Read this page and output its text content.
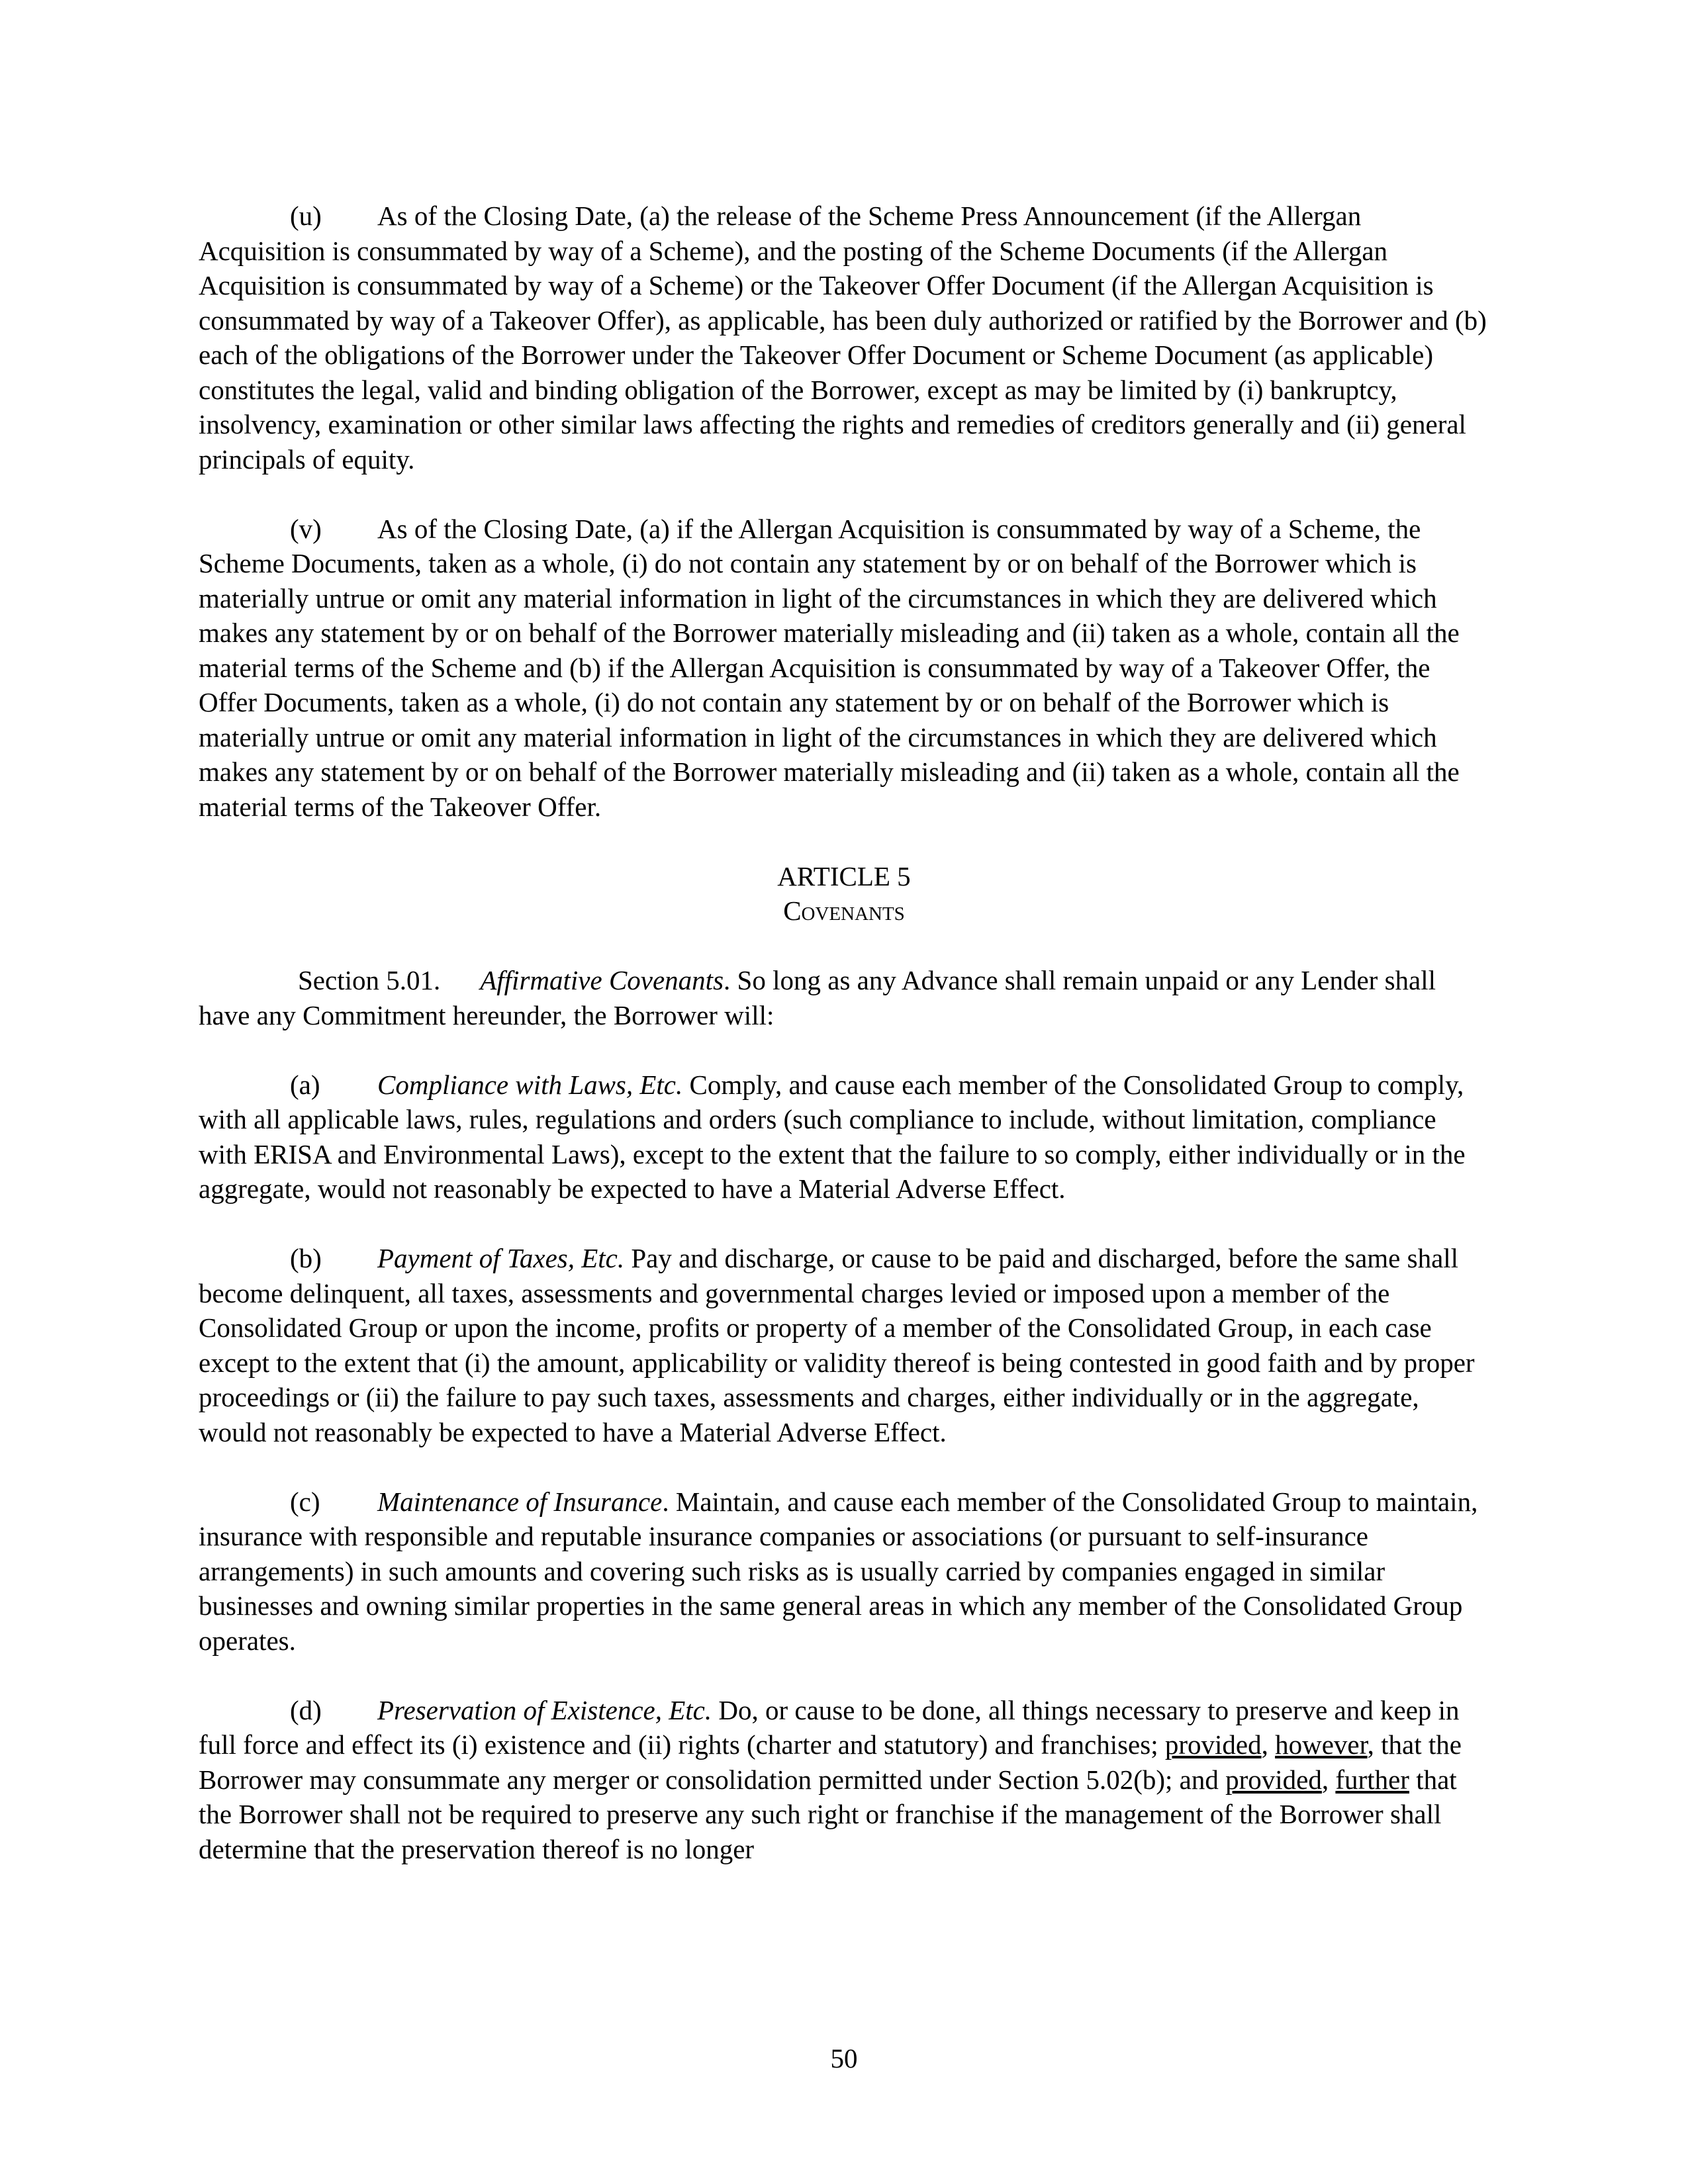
(u) As of the Closing Date, (a) the release of the Scheme Press Announcement (if the Allergan Acquisition is consummated by way of a Scheme), and the posting of the Scheme Documents (if the Allergan Acquisition is consummated by way of a Scheme) or the Takeover Offer Document (if the Allergan Acquisition is consummated by way of a Takeover Offer), as applicable, has been duly authorized or ratified by the Borrower and (b) each of the obligations of the Borrower under the Takeover Offer Document or Scheme Document (as applicable) constitutes the legal, valid and binding obligation of the Borrower, except as may be limited by (i) bankruptcy, insolvency, examination or other similar laws affecting the rights and remedies of creditors generally and (ii) general principals of equity.

(v) As of the Closing Date, (a) if the Allergan Acquisition is consummated by way of a Scheme, the Scheme Documents, taken as a whole, (i) do not contain any statement by or on behalf of the Borrower which is materially untrue or omit any material information in light of the circumstances in which they are delivered which makes any statement by or on behalf of the Borrower materially misleading and (ii) taken as a whole, contain all the material terms of the Scheme and (b) if the Allergan Acquisition is consummated by way of a Takeover Offer, the Offer Documents, taken as a whole, (i) do not contain any statement by or on behalf of the Borrower which is materially untrue or omit any material information in light of the circumstances in which they are delivered which makes any statement by or on behalf of the Borrower materially misleading and (ii) taken as a whole, contain all the material terms of the Takeover Offer.

ARTICLE 5

Covenants

Section 5.01. Affirmative Covenants. So long as any Advance shall remain unpaid or any Lender shall have any Commitment hereunder, the Borrower will:

(a) Compliance with Laws, Etc. Comply, and cause each member of the Consolidated Group to comply, with all applicable laws, rules, regulations and orders (such compliance to include, without limitation, compliance with ERISA and Environmental Laws), except to the extent that the failure to so comply, either individually or in the aggregate, would not reasonably be expected to have a Material Adverse Effect.

(b) Payment of Taxes, Etc. Pay and discharge, or cause to be paid and discharged, before the same shall become delinquent, all taxes, assessments and governmental charges levied or imposed upon a member of the Consolidated Group or upon the income, profits or property of a member of the Consolidated Group, in each case except to the extent that (i) the amount, applicability or validity thereof is being contested in good faith and by proper proceedings or (ii) the failure to pay such taxes, assessments and charges, either individually or in the aggregate, would not reasonably be expected to have a Material Adverse Effect.

(c) Maintenance of Insurance. Maintain, and cause each member of the Consolidated Group to maintain, insurance with responsible and reputable insurance companies or associations (or pursuant to self-insurance arrangements) in such amounts and covering such risks as is usually carried by companies engaged in similar businesses and owning similar properties in the same general areas in which any member of the Consolidated Group operates.

(d) Preservation of Existence, Etc. Do, or cause to be done, all things necessary to preserve and keep in full force and effect its (i) existence and (ii) rights (charter and statutory) and franchises; provided, however, that the Borrower may consummate any merger or consolidation permitted under Section 5.02(b); and provided, further that the Borrower shall not be required to preserve any such right or franchise if the management of the Borrower shall determine that the preservation thereof is no longer

50
